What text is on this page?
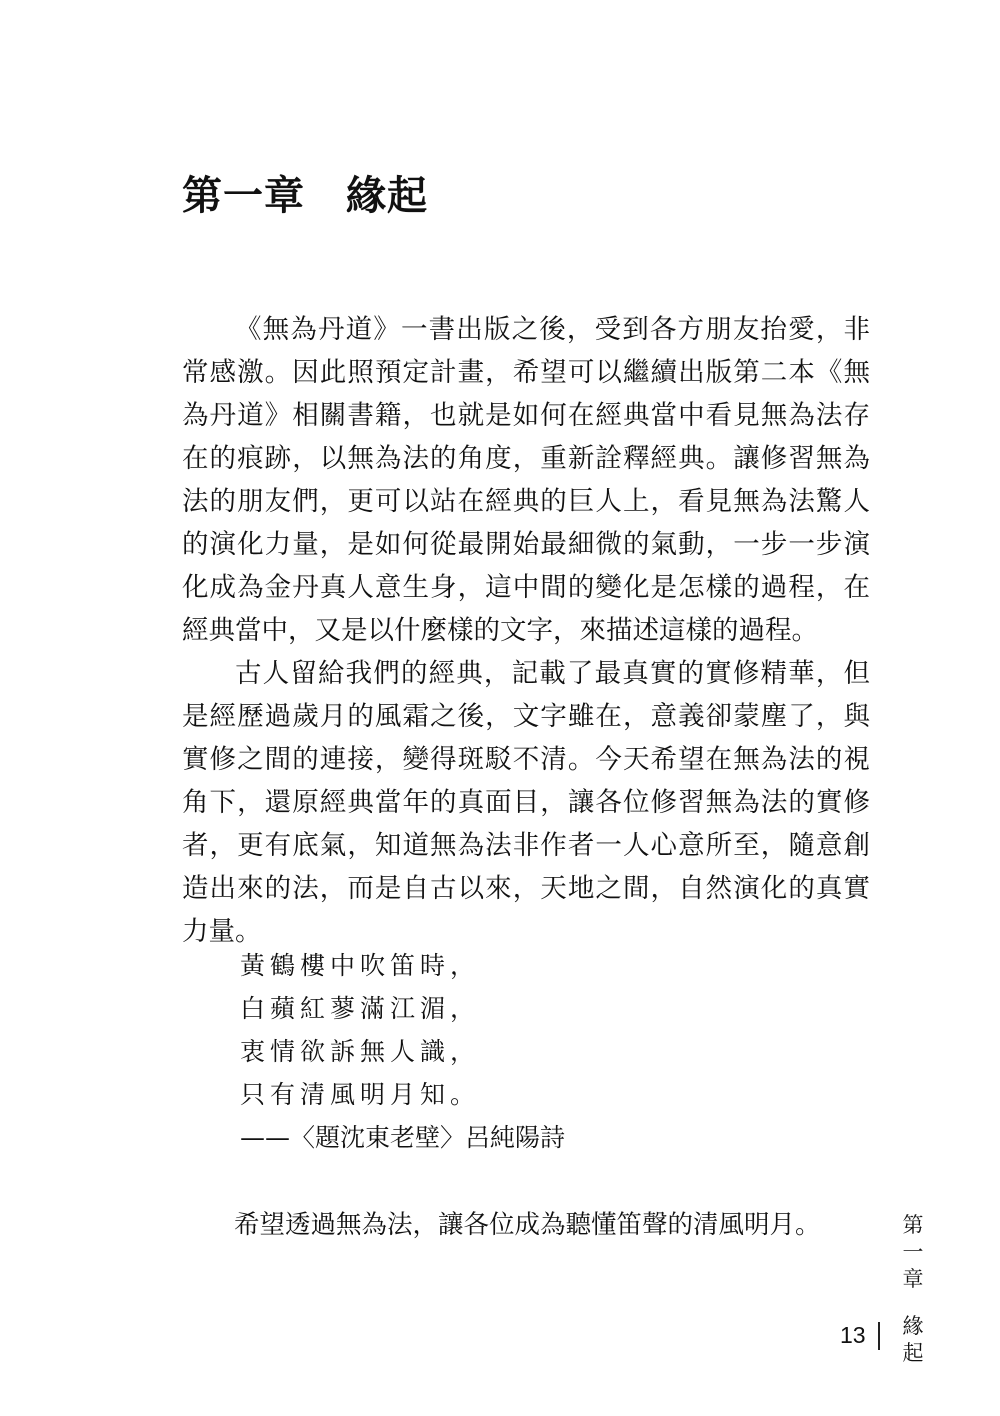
第一章　緣起

《無為丹道》一書出版之後，受到各方朋友抬愛，非常感激。因此照預定計畫，希望可以繼續出版第二本《無為丹道》相關書籍，也就是如何在經典當中看見無為法存在的痕跡，以無為法的角度，重新詮釋經典。讓修習無為法的朋友們，更可以站在經典的巨人上，看見無為法驚人的演化力量，是如何從最開始最細微的氣動，一步一步演化成為金丹真人意生身，這中間的變化是怎樣的過程，在經典當中，又是以什麼樣的文字，來描述這樣的過程。

古人留給我們的經典，記載了最真實的實修精華，但是經歷過歲月的風霜之後，文字雖在，意義卻蒙塵了，與實修之間的連接，變得斑駁不清。今天希望在無為法的視角下，還原經典當年的真面目，讓各位修習無為法的實修者，更有底氣，知道無為法非作者一人心意所至，隨意創造出來的法，而是自古以來，天地之間，自然演化的真實力量。

黃鶴樓中吹笛時，
白蘋紅蓼滿江湄，
衷情欲訴無人識，
只有清風明月知。
——〈題沈東老壁〉呂純陽詩
希望透過無為法，讓各位成為聽懂笛聲的清風明月。	第
一
章
緣
起
13
